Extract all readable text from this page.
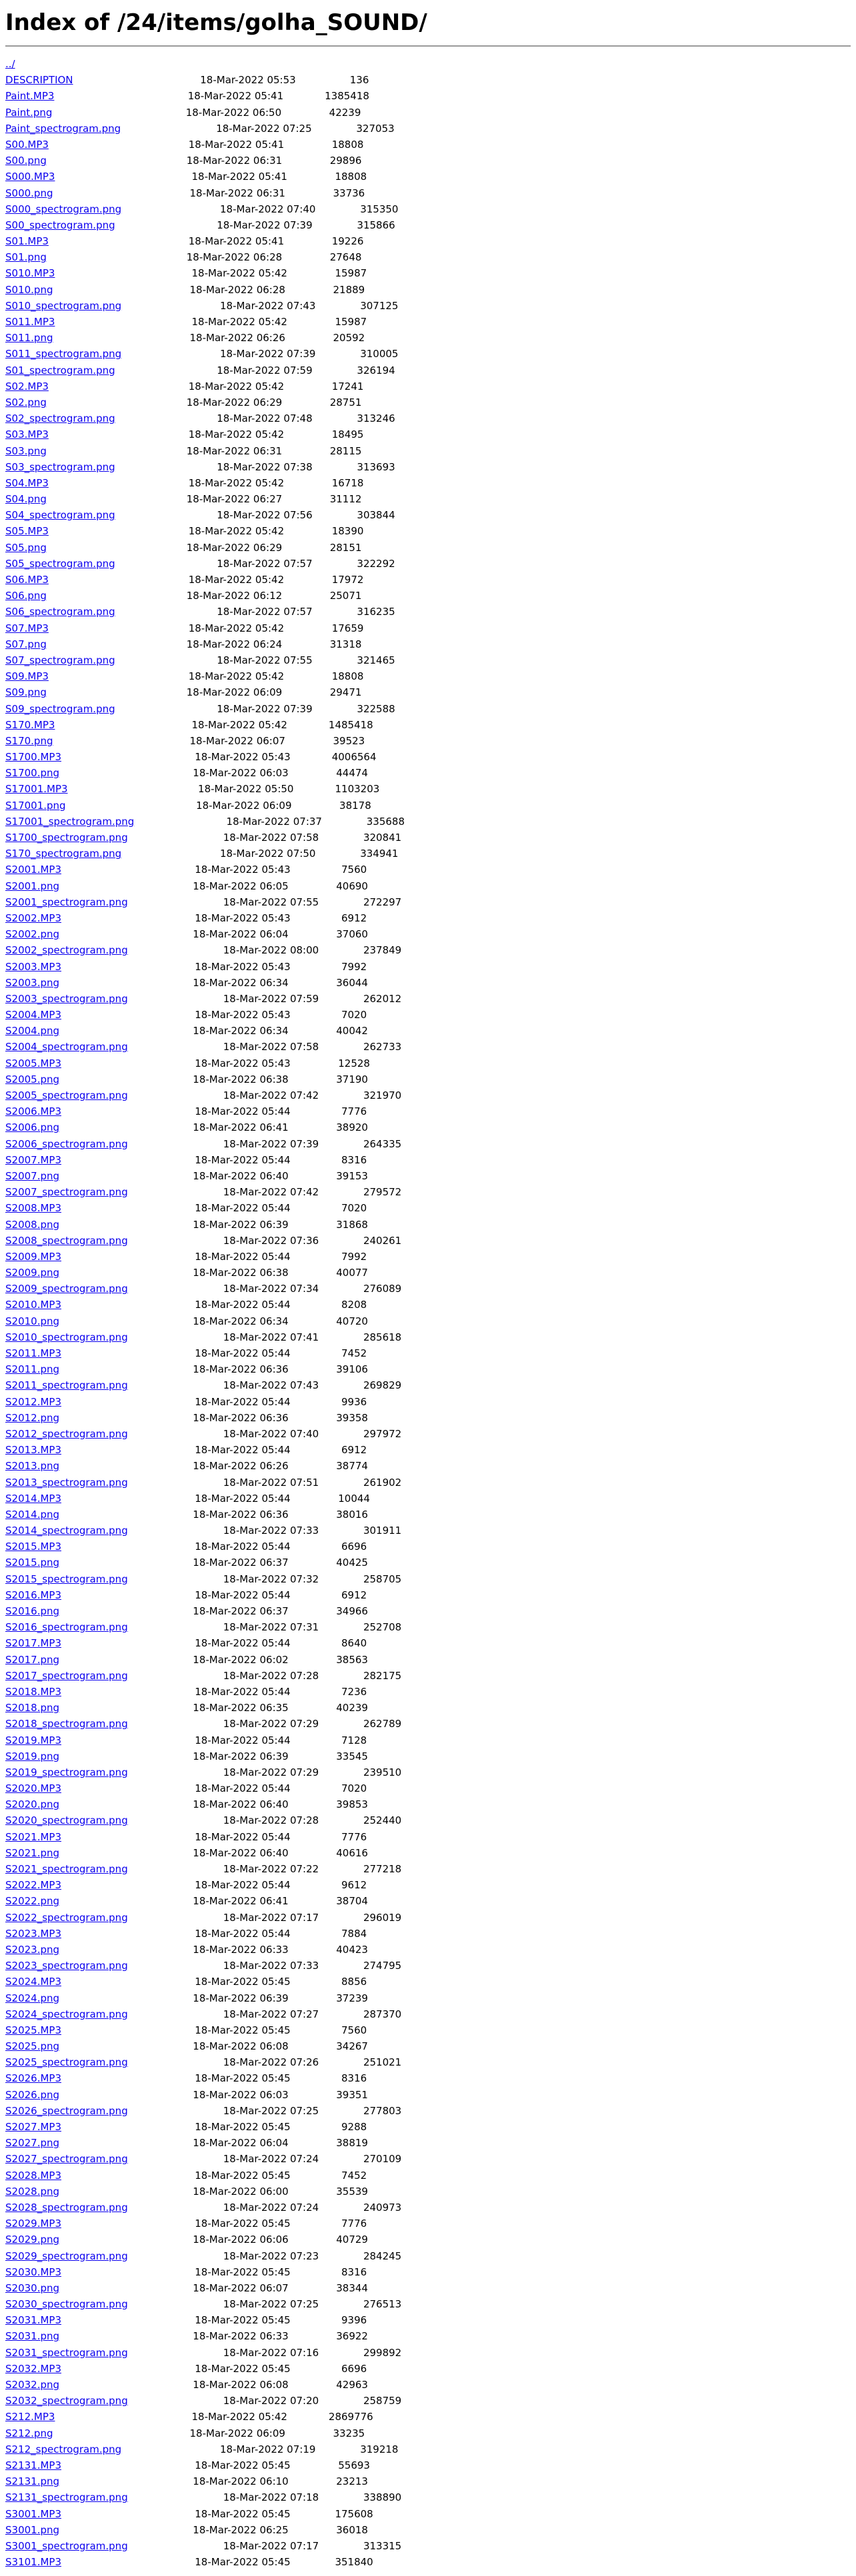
Index of /24/items/golha_SOUND/
../
DESCRIPTION	18-Mar-2022 05:53	136
Paint.MP3	18-Mar-2022 05:41	1385418
Paint.png	18-Mar-2022 06:50	42239
Paint_spectrogram.png	18-Mar-2022 07:25	327053
S00.MP3	18-Mar-2022 05:41	18808
S00.png	18-Mar-2022 06:31	29896
S000.MP3	18-Mar-2022 05:41	18808
S000.png	18-Mar-2022 06:31	33736
S000_spectrogram.png	18-Mar-2022 07:40	315350
S00_spectrogram.png	18-Mar-2022 07:39	315866
S01.MP3	18-Mar-2022 05:41	19226
S01.png	18-Mar-2022 06:28	27648
S010.MP3	18-Mar-2022 05:42	15987
S010.png	18-Mar-2022 06:28	21889
S010_spectrogram.png	18-Mar-2022 07:43	307125
S011.MP3	18-Mar-2022 05:42	15987
S011.png	18-Mar-2022 06:26	20592
S011_spectrogram.png	18-Mar-2022 07:39	310005
S01_spectrogram.png	18-Mar-2022 07:59	326194
S02.MP3	18-Mar-2022 05:42	17241
S02.png	18-Mar-2022 06:29	28751
S02_spectrogram.png	18-Mar-2022 07:48	313246
S03.MP3	18-Mar-2022 05:42	18495
S03.png	18-Mar-2022 06:31	28115
S03_spectrogram.png	18-Mar-2022 07:38	313693
S04.MP3	18-Mar-2022 05:42	16718
S04.png	18-Mar-2022 06:27	31112
S04_spectrogram.png	18-Mar-2022 07:56	303844
S05.MP3	18-Mar-2022 05:42	18390
S05.png	18-Mar-2022 06:29	28151
S05_spectrogram.png	18-Mar-2022 07:57	322292
S06.MP3	18-Mar-2022 05:42	17972
S06.png	18-Mar-2022 06:12	25071
S06_spectrogram.png	18-Mar-2022 07:57	316235
S07.MP3	18-Mar-2022 05:42	17659
S07.png	18-Mar-2022 06:24	31318
S07_spectrogram.png	18-Mar-2022 07:55	321465
S09.MP3	18-Mar-2022 05:42	18808
S09.png	18-Mar-2022 06:09	29471
S09_spectrogram.png	18-Mar-2022 07:39	322588
S170.MP3	18-Mar-2022 05:42	1485418
S170.png	18-Mar-2022 06:07	39523
S1700.MP3	18-Mar-2022 05:43	4006564
S1700.png	18-Mar-2022 06:03	44474
S17001.MP3	18-Mar-2022 05:50	1103203
S17001.png	18-Mar-2022 06:09	38178
S17001_spectrogram.png	18-Mar-2022 07:37	335688
S1700_spectrogram.png	18-Mar-2022 07:58	320841
S170_spectrogram.png	18-Mar-2022 07:50	334941
S2001.MP3	18-Mar-2022 05:43	7560
S2001.png	18-Mar-2022 06:05	40690
S2001_spectrogram.png	18-Mar-2022 07:55	272297
S2002.MP3	18-Mar-2022 05:43	6912
S2002.png	18-Mar-2022 06:04	37060
S2002_spectrogram.png	18-Mar-2022 08:00	237849
S2003.MP3	18-Mar-2022 05:43	7992
S2003.png	18-Mar-2022 06:34	36044
S2003_spectrogram.png	18-Mar-2022 07:59	262012
S2004.MP3	18-Mar-2022 05:43	7020
S2004.png	18-Mar-2022 06:34	40042
S2004_spectrogram.png	18-Mar-2022 07:58	262733
S2005.MP3	18-Mar-2022 05:43	12528
S2005.png	18-Mar-2022 06:38	37190
S2005_spectrogram.png	18-Mar-2022 07:42	321970
S2006.MP3	18-Mar-2022 05:44	7776
S2006.png	18-Mar-2022 06:41	38920
S2006_spectrogram.png	18-Mar-2022 07:39	264335
S2007.MP3	18-Mar-2022 05:44	8316
S2007.png	18-Mar-2022 06:40	39153
S2007_spectrogram.png	18-Mar-2022 07:42	279572
S2008.MP3	18-Mar-2022 05:44	7020
S2008.png	18-Mar-2022 06:39	31868
S2008_spectrogram.png	18-Mar-2022 07:36	240261
S2009.MP3	18-Mar-2022 05:44	7992
S2009.png	18-Mar-2022 06:38	40077
S2009_spectrogram.png	18-Mar-2022 07:34	276089
S2010.MP3	18-Mar-2022 05:44	8208
S2010.png	18-Mar-2022 06:34	40720
S2010_spectrogram.png	18-Mar-2022 07:41	285618
S2011.MP3	18-Mar-2022 05:44	7452
S2011.png	18-Mar-2022 06:36	39106
S2011_spectrogram.png	18-Mar-2022 07:43	269829
S2012.MP3	18-Mar-2022 05:44	9936
S2012.png	18-Mar-2022 06:36	39358
S2012_spectrogram.png	18-Mar-2022 07:40	297972
S2013.MP3	18-Mar-2022 05:44	6912
S2013.png	18-Mar-2022 06:26	38774
S2013_spectrogram.png	18-Mar-2022 07:51	261902
S2014.MP3	18-Mar-2022 05:44	10044
S2014.png	18-Mar-2022 06:36	38016
S2014_spectrogram.png	18-Mar-2022 07:33	301911
S2015.MP3	18-Mar-2022 05:44	6696
S2015.png	18-Mar-2022 06:37	40425
S2015_spectrogram.png	18-Mar-2022 07:32	258705
S2016.MP3	18-Mar-2022 05:44	6912
S2016.png	18-Mar-2022 06:37	34966
S2016_spectrogram.png	18-Mar-2022 07:31	252708
S2017.MP3	18-Mar-2022 05:44	8640
S2017.png	18-Mar-2022 06:02	38563
S2017_spectrogram.png	18-Mar-2022 07:28	282175
S2018.MP3	18-Mar-2022 05:44	7236
S2018.png	18-Mar-2022 06:35	40239
S2018_spectrogram.png	18-Mar-2022 07:29	262789
S2019.MP3	18-Mar-2022 05:44	7128
S2019.png	18-Mar-2022 06:39	33545
S2019_spectrogram.png	18-Mar-2022 07:29	239510
S2020.MP3	18-Mar-2022 05:44	7020
S2020.png	18-Mar-2022 06:40	39853
S2020_spectrogram.png	18-Mar-2022 07:28	252440
S2021.MP3	18-Mar-2022 05:44	7776
S2021.png	18-Mar-2022 06:40	40616
S2021_spectrogram.png	18-Mar-2022 07:22	277218
S2022.MP3	18-Mar-2022 05:44	9612
S2022.png	18-Mar-2022 06:41	38704
S2022_spectrogram.png	18-Mar-2022 07:17	296019
S2023.MP3	18-Mar-2022 05:44	7884
S2023.png	18-Mar-2022 06:33	40423
S2023_spectrogram.png	18-Mar-2022 07:33	274795
S2024.MP3	18-Mar-2022 05:45	8856
S2024.png	18-Mar-2022 06:39	37239
S2024_spectrogram.png	18-Mar-2022 07:27	287370
S2025.MP3	18-Mar-2022 05:45	7560
S2025.png	18-Mar-2022 06:08	34267
S2025_spectrogram.png	18-Mar-2022 07:26	251021
S2026.MP3	18-Mar-2022 05:45	8316
S2026.png	18-Mar-2022 06:03	39351
S2026_spectrogram.png	18-Mar-2022 07:25	277803
S2027.MP3	18-Mar-2022 05:45	9288
S2027.png	18-Mar-2022 06:04	38819
S2027_spectrogram.png	18-Mar-2022 07:24	270109
S2028.MP3	18-Mar-2022 05:45	7452
S2028.png	18-Mar-2022 06:00	35539
S2028_spectrogram.png	18-Mar-2022 07:24	240973
S2029.MP3	18-Mar-2022 05:45	7776
S2029.png	18-Mar-2022 06:06	40729
S2029_spectrogram.png	18-Mar-2022 07:23	284245
S2030.MP3	18-Mar-2022 05:45	8316
S2030.png	18-Mar-2022 06:07	38344
S2030_spectrogram.png	18-Mar-2022 07:25	276513
S2031.MP3	18-Mar-2022 05:45	9396
S2031.png	18-Mar-2022 06:33	36922
S2031_spectrogram.png	18-Mar-2022 07:16	299892
S2032.MP3	18-Mar-2022 05:45	6696
S2032.png	18-Mar-2022 06:08	42963
S2032_spectrogram.png	18-Mar-2022 07:20	258759
S212.MP3	18-Mar-2022 05:42	2869776
S212.png	18-Mar-2022 06:09	33235
S212_spectrogram.png	18-Mar-2022 07:19	319218
S2131.MP3	18-Mar-2022 05:45	55693
S2131.png	18-Mar-2022 06:10	23213
S2131_spectrogram.png	18-Mar-2022 07:18	338890
S3001.MP3	18-Mar-2022 05:45	175608
S3001.png	18-Mar-2022 06:25	36018
S3001_spectrogram.png	18-Mar-2022 07:17	313315
S3101.MP3	18-Mar-2022 05:45	351840
